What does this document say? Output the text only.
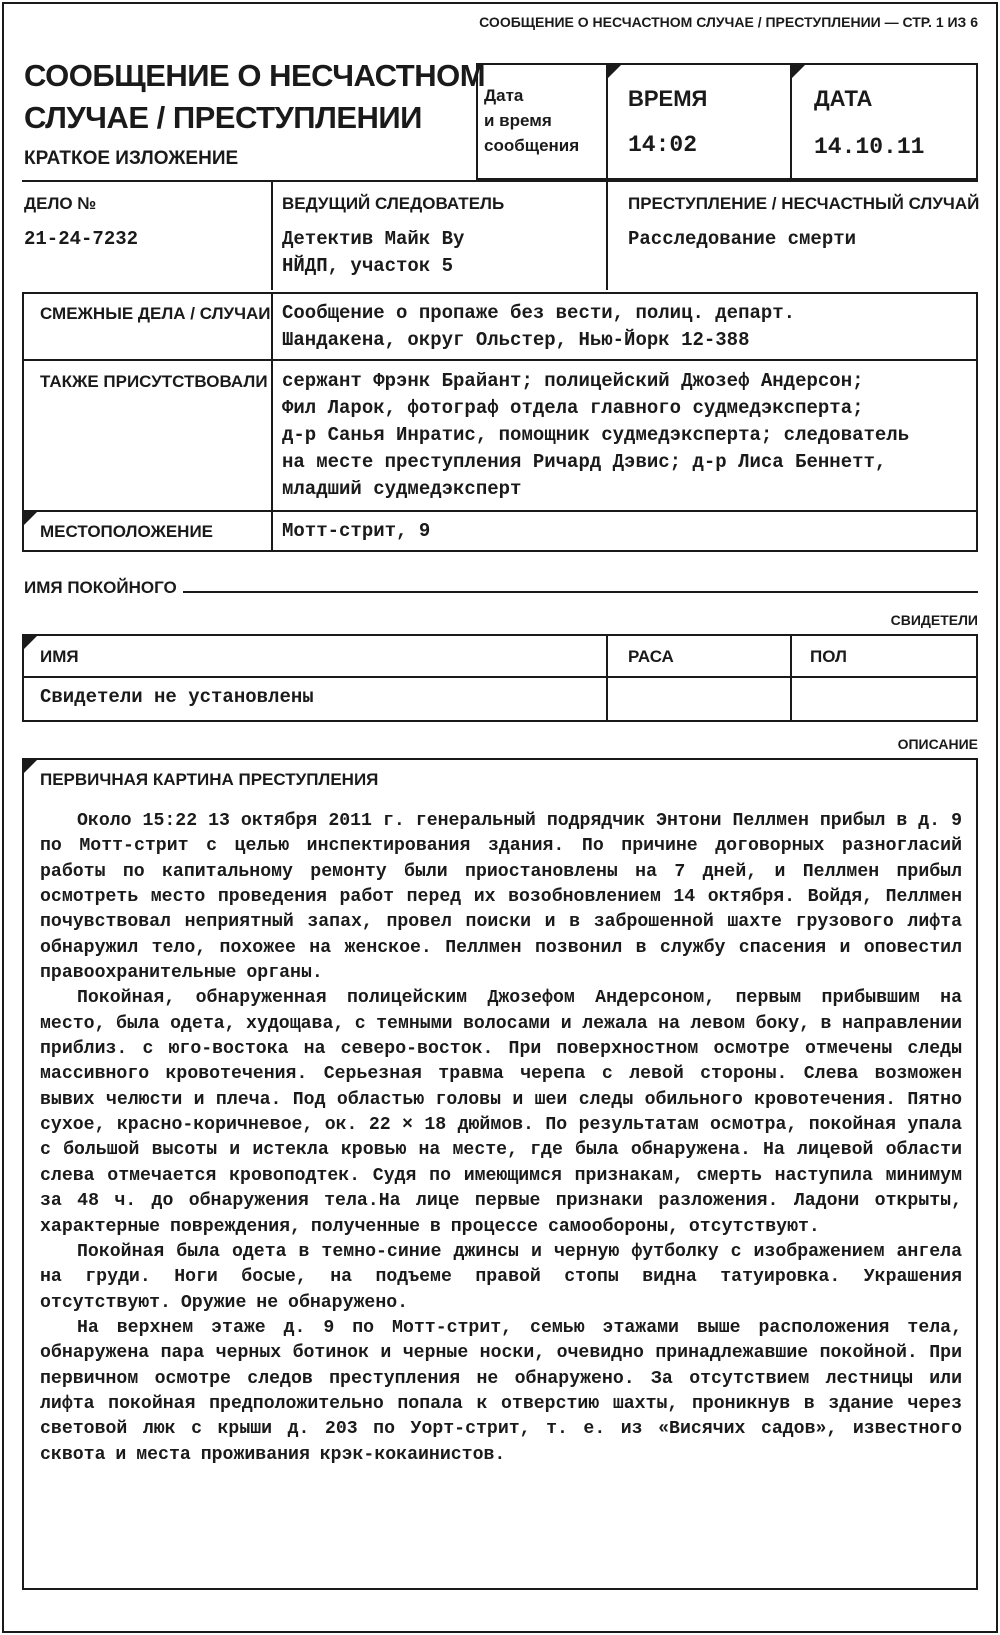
СООБЩЕНИЕ О НЕСЧАСТНОМ СЛУЧАЕ / ПРЕСТУПЛЕНИИ — СТР. 1 ИЗ 6
СООБЩЕНИЕ О НЕСЧАСТНОМ
СЛУЧАЕ / ПРЕСТУПЛЕНИИ
КРАТКОЕ ИЗЛОЖЕНИЕ
Дата
и время
сообщения
ВРЕМЯ
14:02
ДАТА
14.10.11
ДЕЛО №
21-24-7232
ВЕДУЩИЙ СЛЕДОВАТЕЛЬ
Детектив Майк Ву
НЙДП, участок 5
ПРЕСТУПЛЕНИЕ / НЕСЧАСТНЫЙ СЛУЧАЙ
Расследование смерти
СМЕЖНЫЕ ДЕЛА / СЛУЧАИ Сообщение о пропаже без вести, полиц. департ.
Шандакена, округ Ольстер, Нью-Йорк 12-388
ТАКЖЕ ПРИСУТСТВОВАЛИ сержант Фрэнк Брайант; полицейский Джозеф Андерсон;
Фил Ларок, фотограф отдела главного судмедэксперта;
д-р Санья Инратис, помощник судмедэксперта; следователь
на месте преступления Ричард Дэвис; д-р Лиса Беннетт,
младший судмедэксперт
МЕСТОПОЛОЖЕНИЕ	Мотт-стрит, 9
ИМЯ ПОКОЙНОГО
СВИДЕТЕЛИ
ИМЯ	РАСА	ПОЛ
Свидетели не установлены
ОПИСАНИЕ
ПЕРВИЧНАЯ КАРТИНА ПРЕСТУПЛЕНИЯ

Около 15:22 13 октября 2011 г. генеральный подрядчик Энтони Пеллмен прибыл в д. 9 по Мотт-стрит с целью инспектирования здания. По причине договорных разногласий работы по капитальному ремонту были приостановлены на 7 дней, и Пеллмен прибыл осмотреть место проведения работ перед их возобновлением 14 октября. Войдя, Пеллмен почувствовал неприятный запах, провел поиски и в заброшенной шахте грузового лифта обнаружил тело, похожее на женское. Пеллмен позвонил в службу спасения и оповестил правоохранительные органы.

Покойная, обнаруженная полицейским Джозефом Андерсоном, первым прибывшим на место, была одета, худощава, с темными волосами и лежала на левом боку, в направлении приблиз. с юго-востока на северо-восток. При поверхностном осмотре отмечены следы массивного кровотечения. Серьезная травма черепа с левой стороны. Слева возможен вывих челюсти и плеча. Под областью головы и шеи следы обильного кровотечения. Пятно сухое, красно-коричневое, ок. 22 × 18 дюймов. По результатам осмотра, покойная упала с большой высоты и истекла кровью на месте, где была обнаружена. На лицевой области слева отмечается кровоподтек. Судя по имеющимся признакам, смерть наступила минимум за 48 ч. до обнаружения тела.На лице первые признаки разложения. Ладони открыты, характерные повреждения, полученные в процессе самообороны, отсутствуют.

Покойная была одета в темно-синие джинсы и черную футболку с изображением ангела на груди. Ноги босые, на подъеме правой стопы видна татуировка. Украшения отсутствуют. Оружие не обнаружено.

На верхнем этаже д. 9 по Мотт-стрит, семью этажами выше расположения тела, обнаружена пара черных ботинок и черные носки, очевидно принадлежавшие покойной. При первичном осмотре следов преступления не обнаружено. За отсутствием лестницы или лифта покойная предположительно попала к отверстию шахты, проникнув в здание через световой люк с крыши д. 203 по Уорт-стрит, т. е. из «Висячих садов», известного сквота и места проживания крэк-кокаинистов.
